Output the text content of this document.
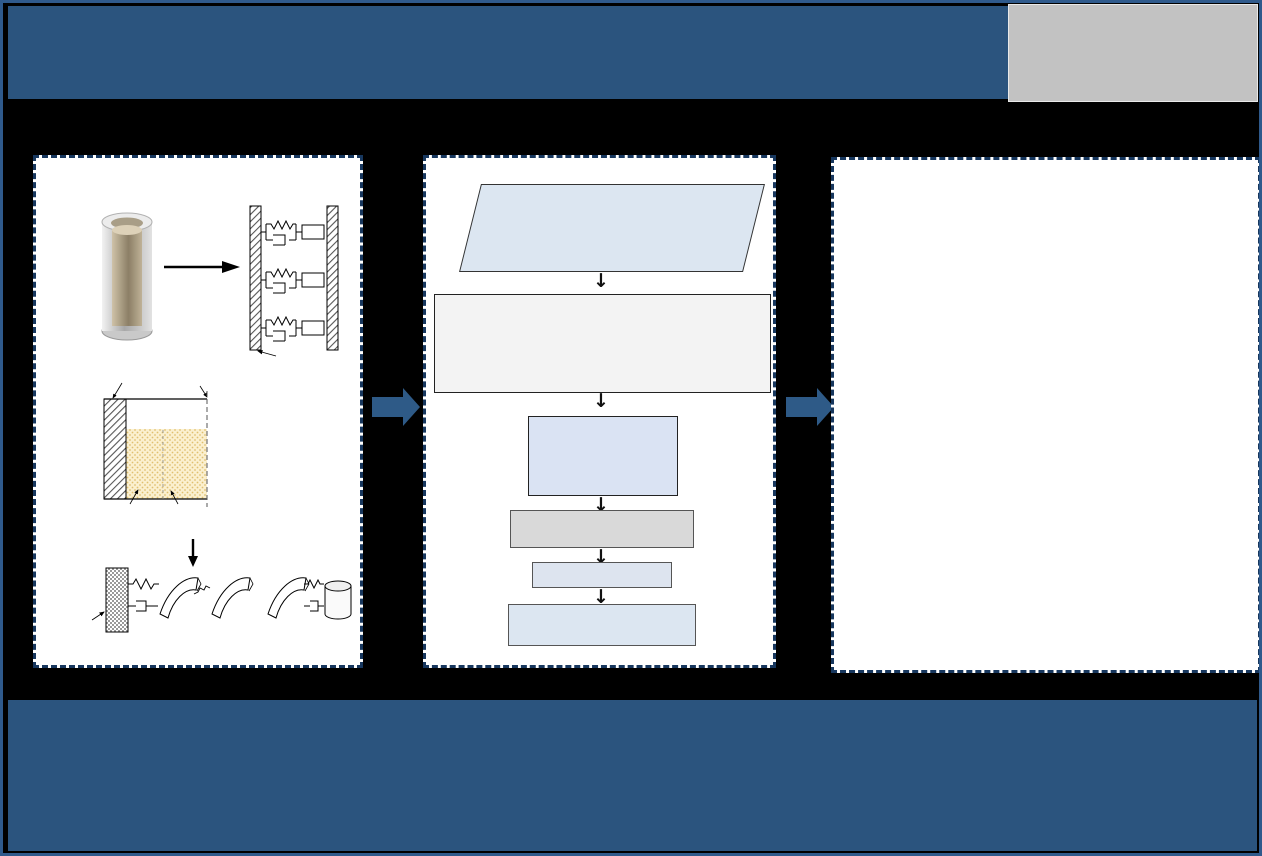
↓
↓
↓
↓
↓
